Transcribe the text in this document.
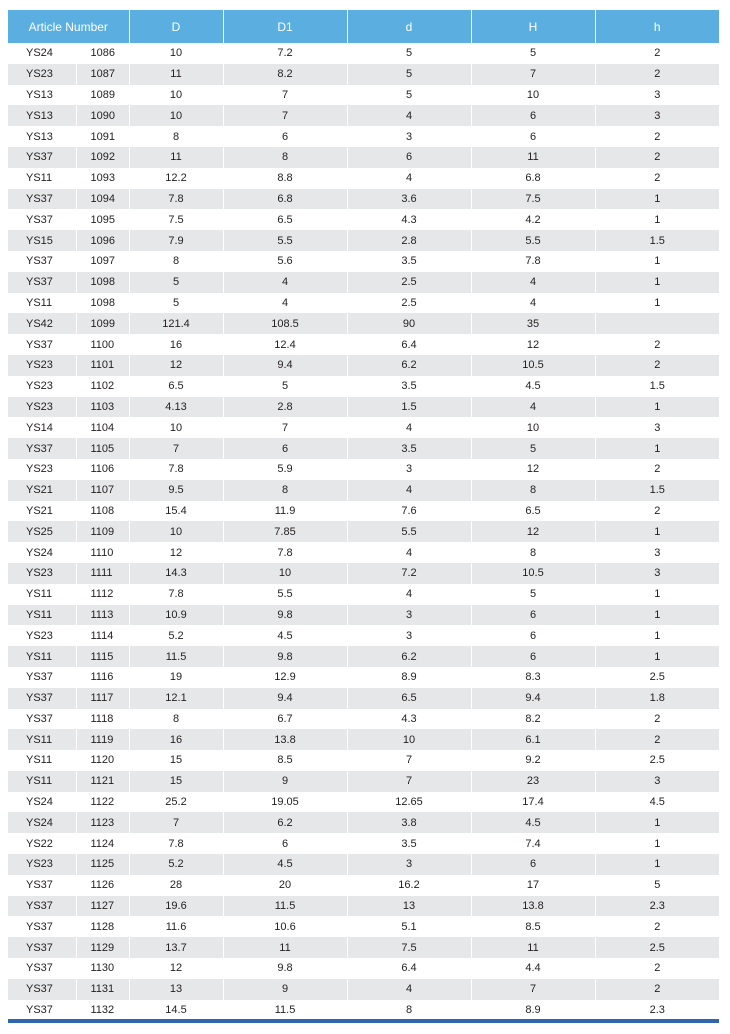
Article Number		D	D1	d	H	h
YS24	1086	10	7.2	5	5	2
YS23	1087	11	8.2	5	7	2
YS13	1089	10	7	5	10	3
YS13	1090	10	7	4	6	3
YS13	1091	8	6	3	6	2
YS37	1092	11	8	6	11	2
YS11	1093	12.2	8.8	4	6.8	2
YS37	1094	7.8	6.8	3.6	7.5	1
YS37	1095	7.5	6.5	4.3	4.2	1
YS15	1096	7.9	5.5	2.8	5.5	1.5
YS37	1097	8	5.6	3.5	7.8	1
YS37	1098	5	4	2.5	4	1
YS11	1098	5	4	2.5	4	1
YS42	1099	121.4	108.5	90	35	
YS37	1100	16	12.4	6.4	12	2
YS23	1101	12	9.4	6.2	10.5	2
YS23	1102	6.5	5	3.5	4.5	1.5
YS23	1103	4.13	2.8	1.5	4	1
YS14	1104	10	7	4	10	3
YS37	1105	7	6	3.5	5	1
YS23	1106	7.8	5.9	3	12	2
YS21	1107	9.5	8	4	8	1.5
YS21	1108	15.4	11.9	7.6	6.5	2
YS25	1109	10	7.85	5.5	12	1
YS24	1110	12	7.8	4	8	3
YS23	1111	14.3	10	7.2	10.5	3
YS11	1112	7.8	5.5	4	5	1
YS11	1113	10.9	9.8	3	6	1
YS23	1114	5.2	4.5	3	6	1
YS11	1115	11.5	9.8	6.2	6	1
YS37	1116	19	12.9	8.9	8.3	2.5
YS37	1117	12.1	9.4	6.5	9.4	1.8
YS37	1118	8	6.7	4.3	8.2	2
YS11	1119	16	13.8	10	6.1	2
YS11	1120	15	8.5	7	9.2	2.5
YS11	1121	15	9	7	23	3
YS24	1122	25.2	19.05	12.65	17.4	4.5
YS24	1123	7	6.2	3.8	4.5	1
YS22	1124	7.8	6	3.5	7.4	1
YS23	1125	5.2	4.5	3	6	1
YS37	1126	28	20	16.2	17	5
YS37	1127	19.6	11.5	13	13.8	2.3
YS37	1128	11.6	10.6	5.1	8.5	2
YS37	1129	13.7	11	7.5	11	2.5
YS37	1130	12	9.8	6.4	4.4	2
YS37	1131	13	9	4	7	2
YS37	1132	14.5	11.5	8	8.9	2.3
